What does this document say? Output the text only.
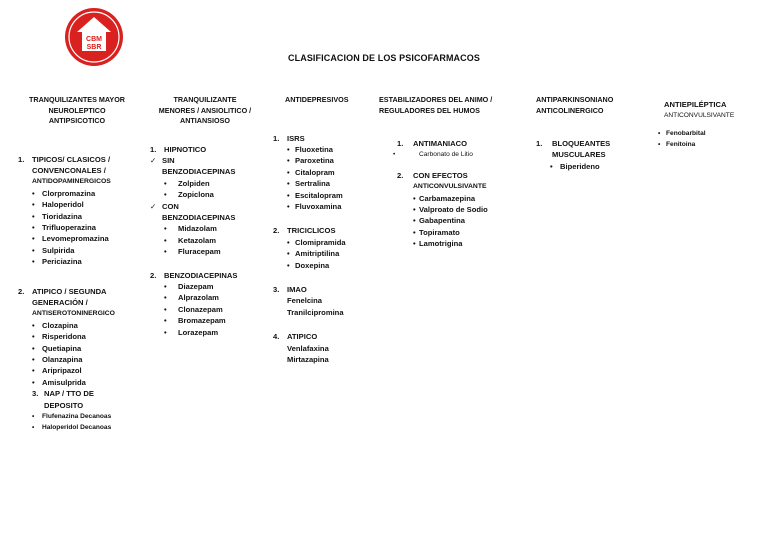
CBM
SBR
CLASIFICACION DE LOS PSICOFARMACOS
TRANQUILIZANTES MAYOR
NEUROLEPTICO
ANTIPSICOTICO
1. TIPICOS/ CLASICOS /
CONVENCONALES /
ANTIDOPAMINERGICOS
• Clorpromazina
• Haloperidol
• Tioridazina
• Trifluoperazina
• Levomepromazina
• Sulpirida
• Periciazina
2. ATIPICO / SEGUNDA
GENERACIÓN /
ANTISEROTONINERGICO
• Clozapina
• Risperidona
• Quetiapina
• Olanzapina
• Aripripazol
• Amisulprida
3. NAP / TTO DE
DEPOSITO
• Flufenazina Decanoas
• Haloperidol Decanoas
TRANQUILIZANTE
MENORES / ANSIOLITICO /
ANTIANSIOSO
1. HIPNOTICO
✓ SIN
BENZODIACEPINAS
• Zolpiden
• Zopiclona
✓ CON
BENZODIACEPINAS
• Midazolam
• Ketazolam
• Fluracepam
2. BENZODIACEPINAS
• Diazepam
• Alprazolam
• Clonazepam
• Bromazepam
• Lorazepam
ANTIDEPRESIVOS
1. ISRS
• Fluoxetina
• Paroxetina
• Citalopram
• Sertralina
• Escitalopram
• Fluvoxamina
2. TRICICLICOS
• Clomipramida
• Amitriptilina
• Doxepina
3. IMAO
Fenelcina
Tranilcipromina
4. ATIPICO
Venlafaxina
Mirtazapina
ESTABILIZADORES DEL ANIMO /
REGULADORES DEL HUMOS
1. ANTIMANIACO
• Carbonato de Litio
2. CON EFECTOS
ANTICONVULSIVANTE
• Carbamazepina
• Valproato de Sodio
• Gabapentina
• Topiramato
• Lamotrigina
ANTIPARKINSONIANO
ANTICOLINERGICO
1. BLOQUEANTES
MUSCULARES
• Biperideno
ANTIEPILÉPTICA
ANTICONVULSIVANTE
• Fenobarbital
• Fenitoina
